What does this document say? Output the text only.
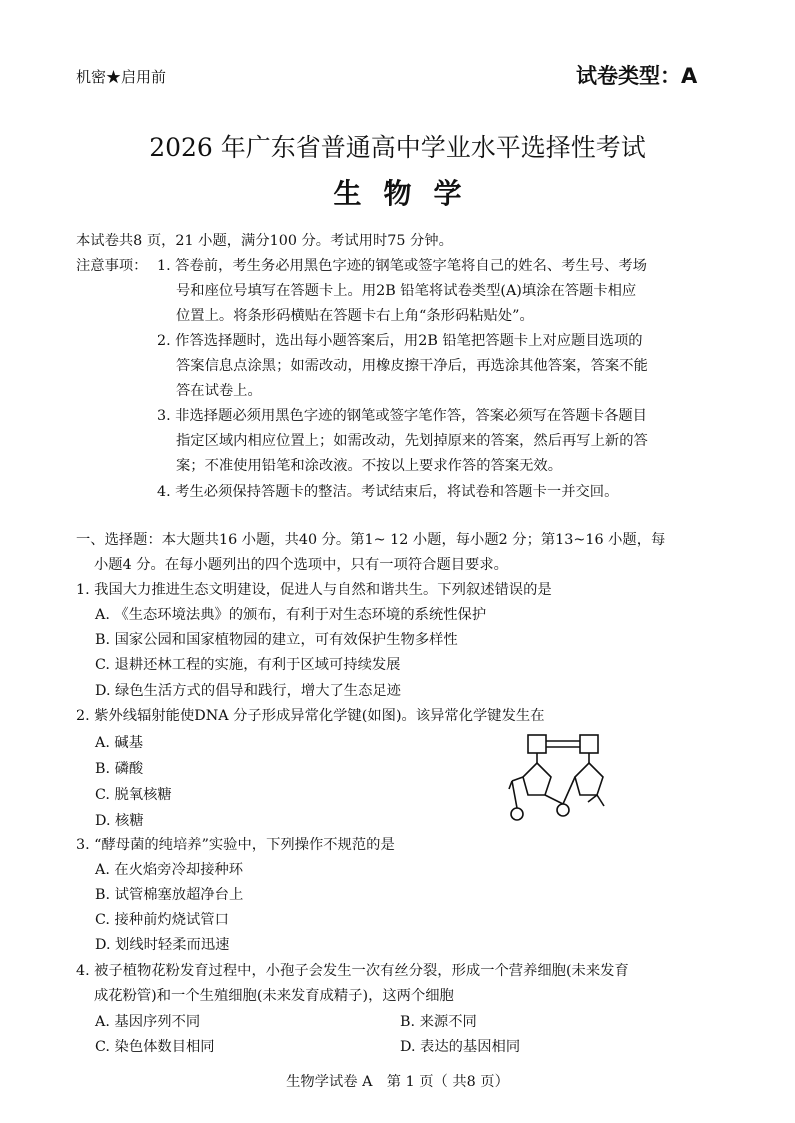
机密★启用前	试卷类型：A
2026 年广东省普通高中学业水平选择性考试
生物学
本试卷共8 页，21 小题，满分100 分。考试用时75 分钟。
注意事项： 1. 答卷前，考生务必用黑色字迹的钢笔或签字笔将自己的姓名、考生号、考场
号和座位号填写在答题卡上。用2B 铅笔将试卷类型(A)填涂在答题卡相应
位置上。将条形码横贴在答题卡右上角“条形码粘贴处”。
2. 作答选择题时，选出每小题答案后，用2B 铅笔把答题卡上对应题目选项的
答案信息点涂黑；如需改动，用橡皮擦干净后，再选涂其他答案，答案不能
答在试卷上。
3. 非选择题必须用黑色字迹的钢笔或签字笔作答，答案必须写在答题卡各题目
指定区域内相应位置上；如需改动，先划掉原来的答案，然后再写上新的答
案；不准使用铅笔和涂改液。不按以上要求作答的答案无效。
4. 考生必须保持答题卡的整洁。考试结束后，将试卷和答题卡一并交回。
一、选择题：本大题共16 小题，共40 分。第1~ 12 小题，每小题2 分；第13~16 小题，每
小题4 分。在每小题列出的四个选项中，只有一项符合题目要求。
1. 我国大力推进生态文明建设，促进人与自然和谐共生。下列叙述错误的是
A. 《生态环境法典》的颁布，有利于对生态环境的系统性保护
B. 国家公园和国家植物园的建立，可有效保护生物多样性
C. 退耕还林工程的实施，有利于区域可持续发展
D. 绿色生活方式的倡导和践行，增大了生态足迹
2. 紫外线辐射能使DNA 分子形成异常化学键(如图)。该异常化学键发生在
A. 碱基
B. 磷酸
C. 脱氧核糖
D. 核糖
3. “酵母菌的纯培养”实验中，下列操作不规范的是
A. 在火焰旁冷却接种环
B. 试管棉塞放超净台上
C. 接种前灼烧试管口
D. 划线时轻柔而迅速
4. 被子植物花粉发育过程中，小孢子会发生一次有丝分裂，形成一个营养细胞(未来发育
成花粉管)和一个生殖细胞(未来发育成精子)，这两个细胞
A. 基因序列不同	B. 来源不同
C. 染色体数目相同	D. 表达的基因相同
生物学试卷 A　第 1 页（ 共8 页）
